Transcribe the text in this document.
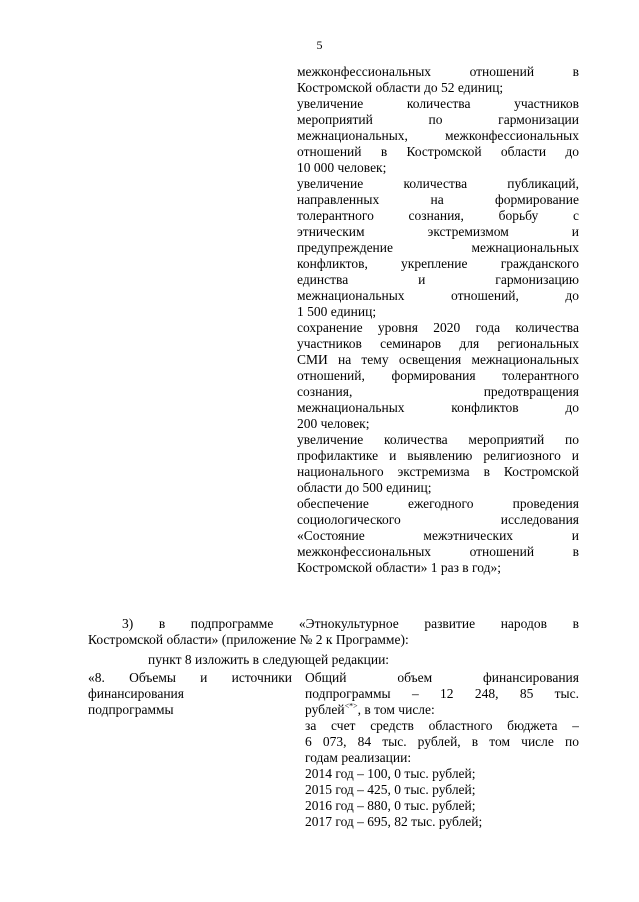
5
межконфессиональных отношений в
Костромской области до 52 единиц;
увеличение количества участников
мероприятий по гармонизации
межнациональных, межконфессиональных
отношений в Костромской области до
10 000 человек;
увеличение количества публикаций,
направленных на формирование
толерантного сознания, борьбу с
этническим экстремизмом и
предупреждение межнациональных
конфликтов, укрепление гражданского
единства и гармонизацию
межнациональных отношений, до
1 500 единиц;
сохранение уровня 2020 года количества
участников семинаров для региональных
СМИ на тему освещения межнациональных
отношений, формирования толерантного
сознания, предотвращения
межнациональных конфликтов до
200 человек;
увеличение количества мероприятий по
профилактике и выявлению религиозного и
национального экстремизма в Костромской
области до 500 единиц;
обеспечение ежегодного проведения
социологического исследования
«Состояние межэтнических и
межконфессиональных отношений в
Костромской области» 1 раз в год»;
3) в подпрограмме «Этнокультурное развитие народов в
Костромской области» (приложение № 2 к Программе):
пункт 8 изложить в следующей редакции:
«8. Объемы и источники
финансирования
подпрограммы
Общий объем финансирования
подпрограммы – 12 248, 85 тыс.
рублей<*>, в том числе:
за счет средств областного бюджета –
6 073, 84 тыс. рублей, в том числе по
годам реализации:
2014 год – 100, 0 тыс. рублей;
2015 год – 425, 0 тыс. рублей;
2016 год – 880, 0 тыс. рублей;
2017 год – 695, 82 тыс. рублей;
